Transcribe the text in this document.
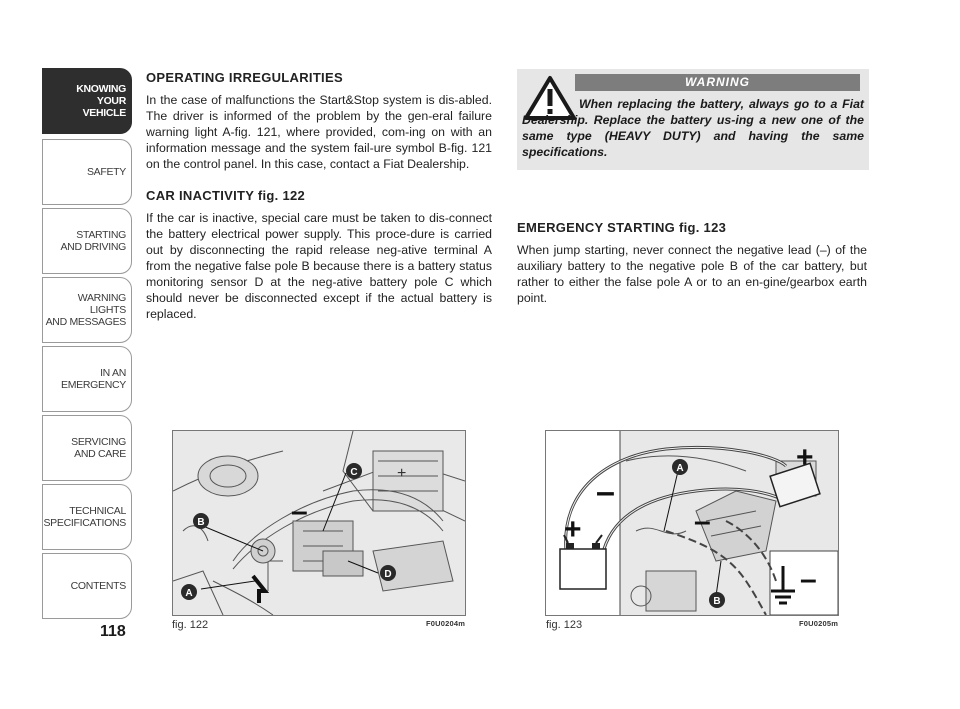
KNOWING
YOUR
VEHICLE
SAFETY
STARTING
AND DRIVING
WARNING LIGHTS
AND MESSAGES
IN AN
EMERGENCY
SERVICING
AND CARE
TECHNICAL
SPECIFICATIONS
CONTENTS
118
OPERATING IRREGULARITIES

In the case of malfunctions the Start&Stop system is dis-abled. The driver is informed of the problem by the gen-eral failure warning light A-fig. 121, where provided, com-ing on with an information message and the system fail-ure symbol B-fig. 121 on the control panel. In this case, contact a Fiat Dealership.

CAR INACTIVITY fig. 122

If the car is inactive, special care must be taken to dis-connect the battery electrical power supply. This proce-dure is carried out by disconnecting the rapid release neg-ative terminal A from the negative false pole B because there is a battery status monitoring sensor D at the neg-ative battery pole C which should never be disconnected except if the actual battery is replaced.

WARNING
When replacing the battery, always go to a Fiat Dealership. Replace the battery us-ing a new one of the same type (HEAVY DUTY) and having the same specifications.
EMERGENCY STARTING fig. 123

When jump starting, never connect the negative lead (–) of the auxiliary battery to the negative pole B of the car battery, but rather to either the false pole A or to an en-gine/gearbox earth point.

–
+
C
B
D
A
fig. 122	F0U0204m
–
+	–
+
–
A
B
fig. 123	F0U0205m
